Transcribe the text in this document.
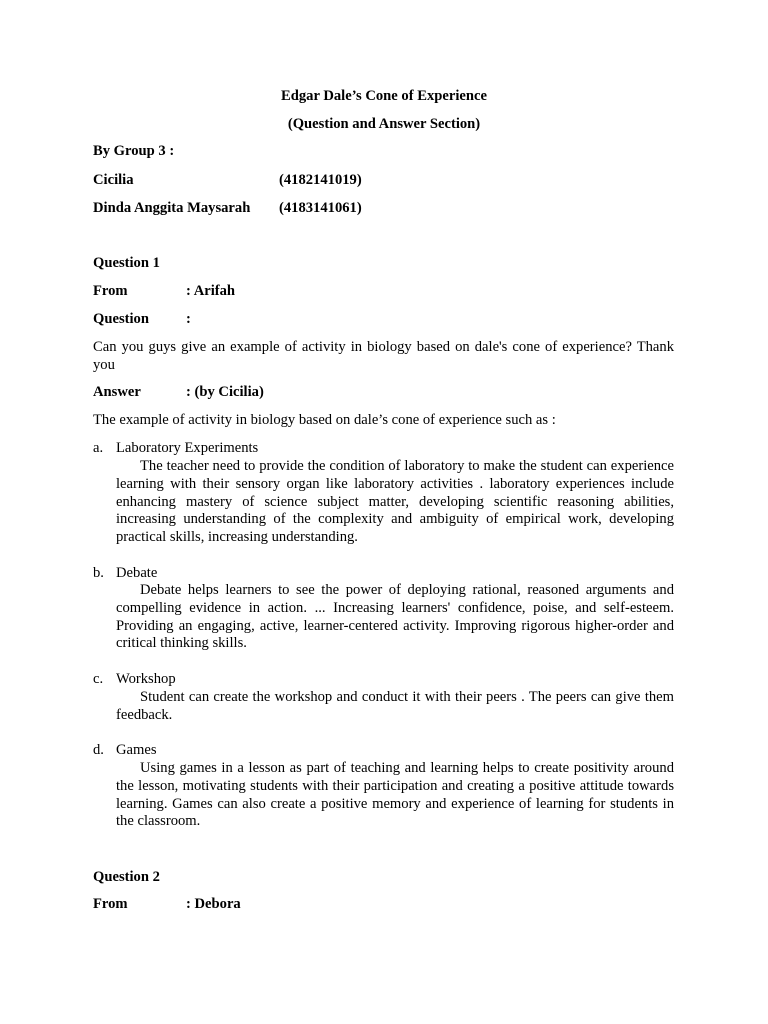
Edgar Dale’s Cone of Experience
(Question and Answer Section)
By Group 3 :
Cicilia	(4182141019)
Dinda Anggita Maysarah (4183141061)
Question 1
From	: Arifah
Question	:
Can you guys give an example of activity in biology based on dale's cone of experience? Thank you
Answer	: (by Cicilia)
The example of activity in biology based on dale’s cone of experience such as :
a. Laboratory Experiments
The teacher need to provide the condition of laboratory to make the student can experience learning with their sensory organ like laboratory activities . laboratory experiences include enhancing mastery of science subject matter, developing scientific reasoning abilities, increasing understanding of the complexity and ambiguity of empirical work, developing practical skills, increasing understanding.
b. Debate
Debate helps learners to see the power of deploying rational, reasoned arguments and compelling evidence in action. ... Increasing learners' confidence, poise, and self-esteem. Providing an engaging, active, learner-centered activity. Improving rigorous higher-order and critical thinking skills.
c. Workshop
Student can create the workshop and conduct it with their peers . The peers can give them feedback.
d. Games
Using games in a lesson as part of teaching and learning helps to create positivity around the lesson, motivating students with their participation and creating a positive attitude towards learning. Games can also create a positive memory and experience of learning for students in the classroom.
Question 2
From	: Debora
